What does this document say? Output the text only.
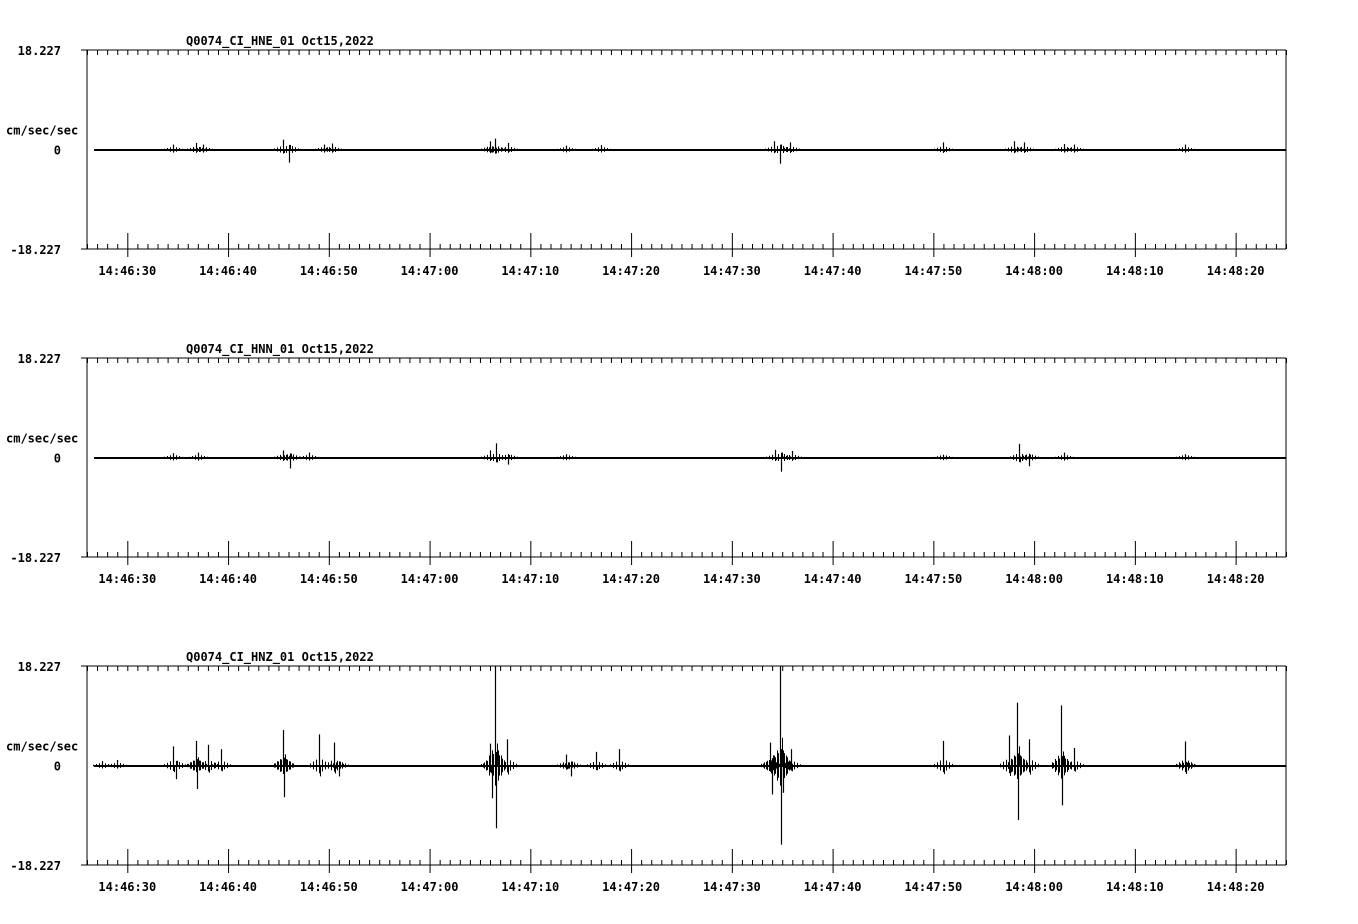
14:46:30	14:46:40	14:46:50	14:47:00	14:47:10	14:47:20	14:47:30	14:47:40	14:47:50	14:48:00	14:48:10	14:48:20
Q0074_CI_HNE_01 Oct15,2022
18.227
0
-18.227
cm/sec/sec
14:46:30	14:46:40	14:46:50	14:47:00	14:47:10	14:47:20	14:47:30	14:47:40	14:47:50	14:48:00	14:48:10	14:48:20
Q0074_CI_HNN_01 Oct15,2022
18.227
0
-18.227
cm/sec/sec
14:46:30	14:46:40	14:46:50	14:47:00	14:47:10	14:47:20	14:47:30	14:47:40	14:47:50	14:48:00	14:48:10	14:48:20
Q0074_CI_HNZ_01 Oct15,2022
18.227
0
-18.227
cm/sec/sec
